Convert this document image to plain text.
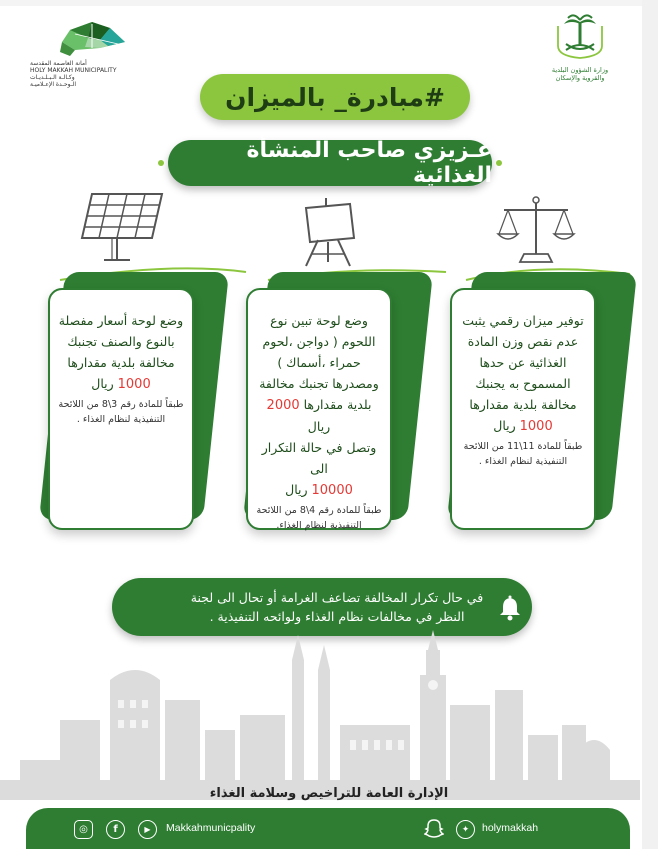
أمانة العاصمة المقدسة
HOLY MAKKAH MUNICIPALITY
وكـالـة الـبـلـديـات
الـوحـدة الإعـلاميـة
وزارة الشؤون البلدية
والقروية والإسكان
#مبادرة_ بالميزان
عـزيزي صاحب المنشأة الغذائية
وضع لوحة أسعار مفصلة بالنوع والصنف تجنبك مخالفة بلدية مقدارها
1000 ريال
طبقاً للمادة رقم 3\8 من اللائحة التنفيذية لنظام الغذاء .
وضع لوحة تبين نوع اللحوم ( دواجن ،لحوم حمراء ،أسماك ) ومصدرها تجنبك مخالفة بلدية مقدارها 2000 ريال
وتصل في حالة التكرار الى
10000 ريال
طبقاً للمادة رقم 4\8 من اللائحة التنفيذية لنظام الغذاء.
توفير ميزان رقمي يثبت عدم نقص وزن المادة الغذائية عن حدها المسموح به يجنبك مخالفة بلدية مقدارها 1000 ريال
طبقاً للمادة 11\11 من اللائحة التنفيذية لنظام الغذاء .
في حال تكرار المخالفة تضاعف الغرامة أو تحال الى لجنة النظر في مخالفات نظام الغذاء ولوائحه التنفيذية .
الإدارة العامة للتراخيص وسلامة الغذاء
◎	f	▶	Makkahmunicpality	✦	holymakkah
